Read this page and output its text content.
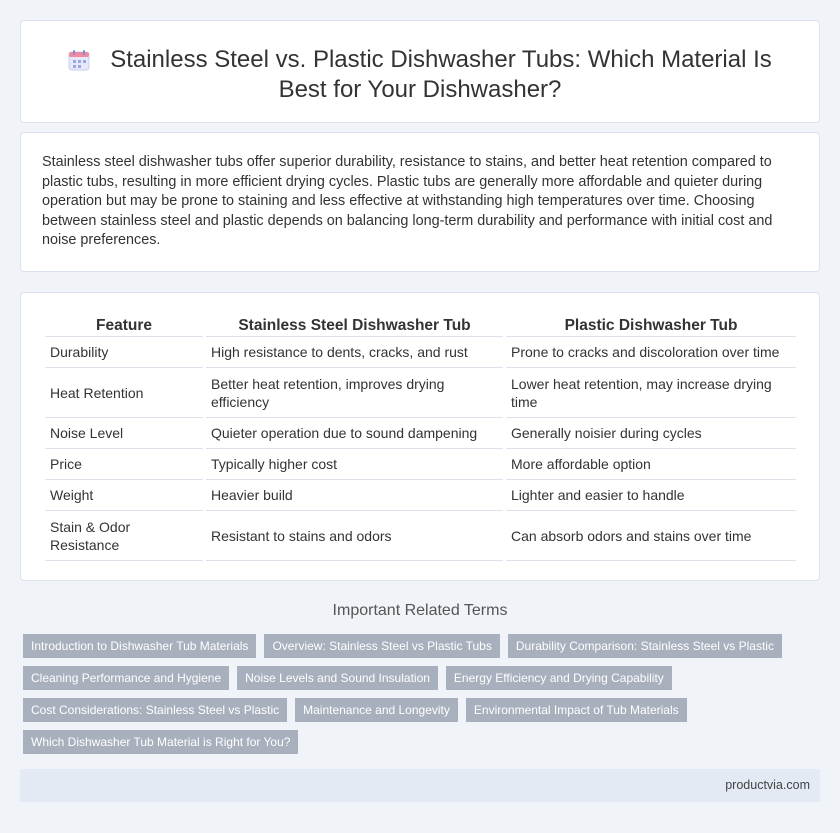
Stainless Steel vs. Plastic Dishwasher Tubs: Which Material Is Best for Your Dishwasher?

Stainless steel dishwasher tubs offer superior durability, resistance to stains, and better heat retention compared to plastic tubs, resulting in more efficient drying cycles. Plastic tubs are generally more affordable and quieter during operation but may be prone to staining and less effective at withstanding high temperatures over time. Choosing between stainless steel and plastic depends on balancing long-term durability and performance with initial cost and noise preferences.

Feature	Stainless Steel Dishwasher Tub	Plastic Dishwasher Tub
Durability	High resistance to dents, cracks, and rust	Prone to cracks and discoloration over time
Heat Retention	Better heat retention, improves drying efficiency	Lower heat retention, may increase drying time
Noise Level	Quieter operation due to sound dampening	Generally noisier during cycles
Price	Typically higher cost	More affordable option
Weight	Heavier build	Lighter and easier to handle
Stain & Odor Resistance	Resistant to stains and odors	Can absorb odors and stains over time
Important Related Terms
Introduction to Dishwasher Tub Materials	Overview: Stainless Steel vs Plastic Tubs	Durability Comparison: Stainless Steel vs Plastic
Cleaning Performance and Hygiene	Noise Levels and Sound Insulation	Energy Efficiency and Drying Capability
Cost Considerations: Stainless Steel vs Plastic	Maintenance and Longevity	Environmental Impact of Tub Materials
Which Dishwasher Tub Material is Right for You?
productvia.com
